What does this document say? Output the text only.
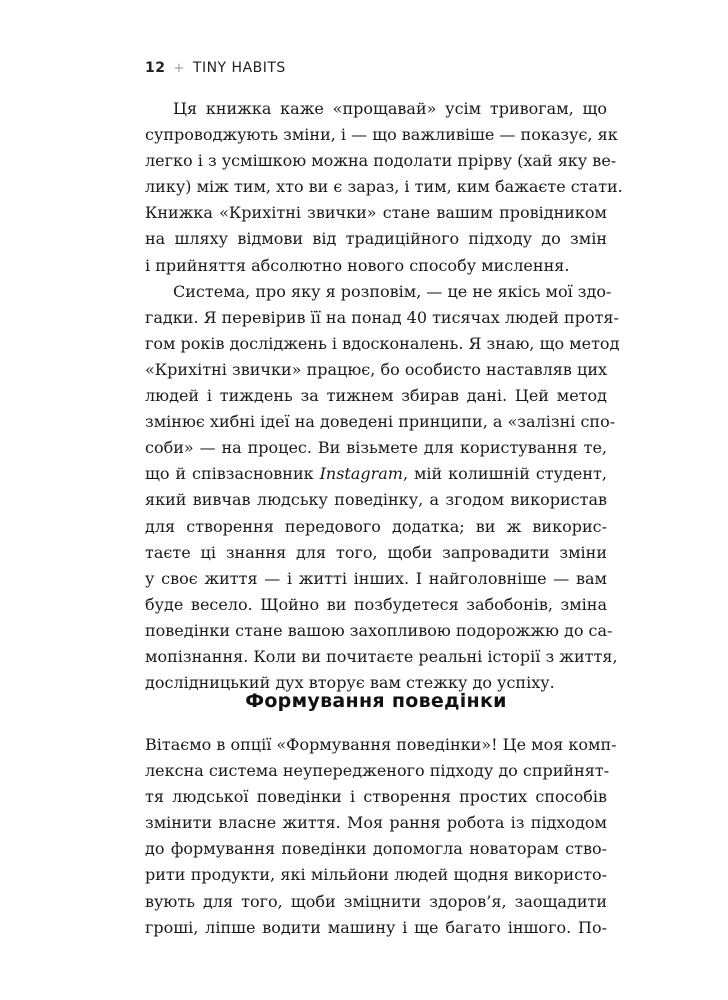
12 + TINY HABITS

Ця книжка каже «прощавай» усім тривогам, що
супроводжують зміни, і — що важливіше — показує, як
легко і з усмішкою можна подолати прірву (хай яку ве-
лику) між тим, хто ви є зараз, і тим, ким бажаєте стати.
Книжка «Крихітні звички» стане вашим провідником
на шляху відмови від традиційного підходу до змін
і прийняття абсолютно нового способу мислення.

Система, про яку я розповім, — це не якісь мої здо-
гадки. Я перевірив її на понад 40 тисячах людей протя-
гом років досліджень і вдосконалень. Я знаю, що метод
«Крихітні звички» працює, бо особисто наставляв цих
людей і тиждень за тижнем збирав дані. Цей метод
змінює хибні ідеї на доведені принципи, а «залізні спо-
соби» — на процес. Ви візьмете для користування те,
що й співзасновник Instagram, мій колишній студент,
який вивчав людську поведінку, а згодом використав
для створення передового додатка; ви ж викорис-
таєте ці знання для того, щоби запровадити зміни
у своє життя — і житті інших. І найголовніше — вам
буде весело. Щойно ви позбудетеся забобонів, зміна
поведінки стане вашою захопливою подорожжю до са-
мопізнання. Коли ви почитаєте реальні історії з життя,
дослідницький дух вторує вам стежку до успіху.

Формування поведінки

Вітаємо в опції «Формування поведінки»! Це моя комп-
лексна система неупередженого підходу до сприйнят-
тя людської поведінки і створення простих способів
змінити власне життя. Моя рання робота із підходом
до формування поведінки допомогла новаторам ство-
рити продукти, які мільйони людей щодня використо-
вують для того, щоби зміцнити здоров’я, заощадити
гроші, ліпше водити машину і ще багато іншого. По-
